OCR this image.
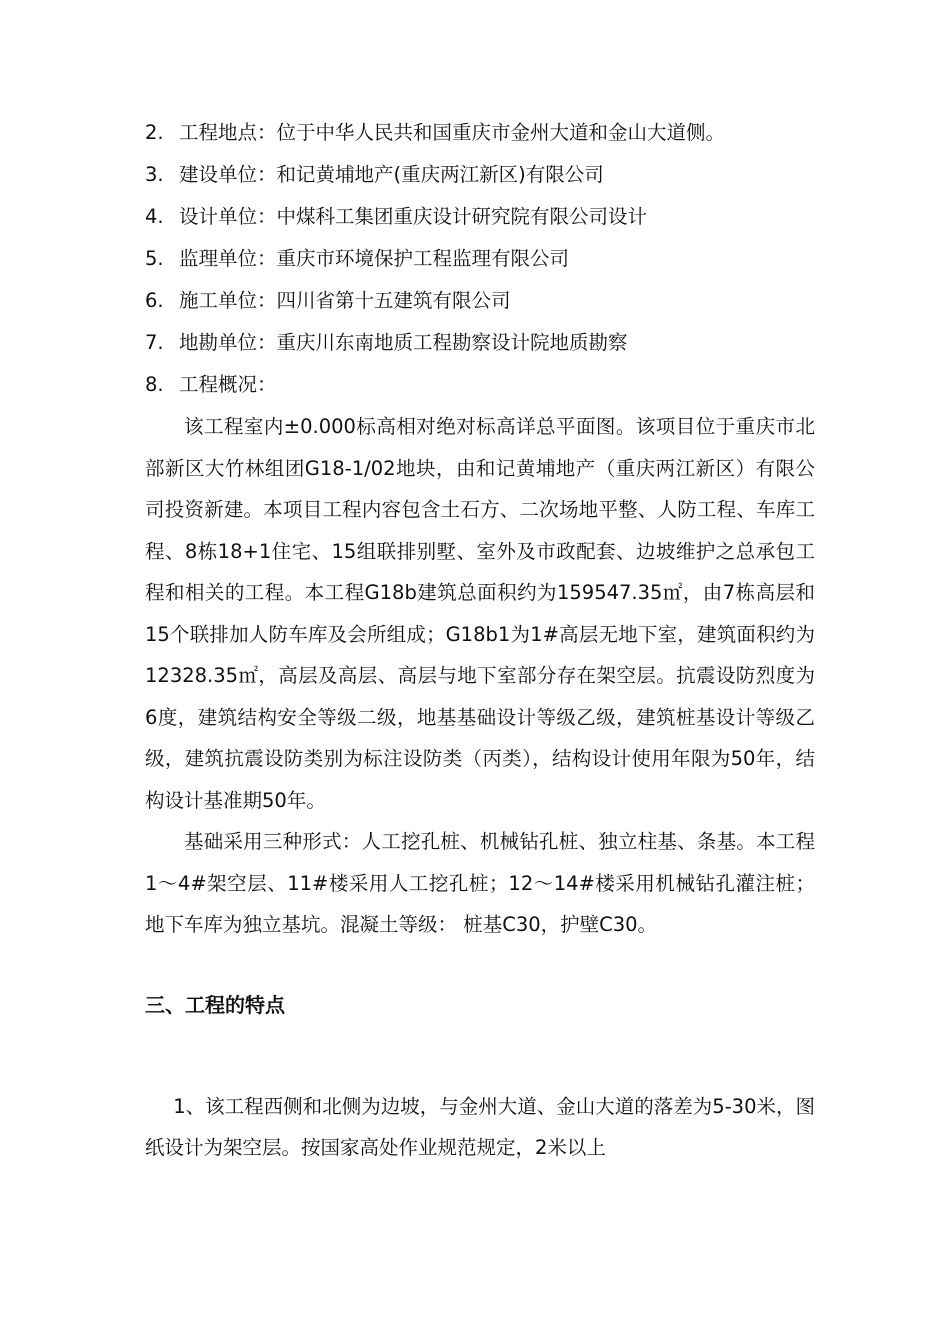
2. 工程地点：位于中华人民共和国重庆市金州大道和金山大道侧。
3. 建设单位：和记黄埔地产(重庆两江新区)有限公司
4. 设计单位：中煤科工集团重庆设计研究院有限公司设计
5. 监理单位：重庆市环境保护工程监理有限公司
6. 施工单位：四川省第十五建筑有限公司
7. 地勘单位：重庆川东南地质工程勘察设计院地质勘察
8. 工程概况：

该工程室内±0.000标高相对绝对标高详总平面图。该项目位于重庆市北部新区大竹林组团G18-1/02地块，由和记黄埔地产（重庆两江新区）有限公司投资新建。本项目工程内容包含土石方、二次场地平整、人防工程、车库工程、8栋18+1住宅、15组联排别墅、室外及市政配套、边坡维护之总承包工程和相关的工程。本工程G18b建筑总面积约为159547.35㎡，由7栋高层和15个联排加人防车库及会所组成；G18b1为1#高层无地下室，建筑面积约为12328.35㎡，高层及高层、高层与地下室部分存在架空层。抗震设防烈度为6度，建筑结构安全等级二级，地基基础设计等级乙级，建筑桩基设计等级乙级，建筑抗震设防类别为标注设防类（丙类），结构设计使用年限为50年，结构设计基准期50年。

基础采用三种形式：人工挖孔桩、机械钻孔桩、独立柱基、条基。本工程1～4#架空层、11#楼采用人工挖孔桩；12～14#楼采用机械钻孔灌注桩；地下车库为独立基坑。混凝土等级： 桩基C30，护壁C30。

三、工程的特点

1、该工程西侧和北侧为边坡，与金州大道、金山大道的落差为5-30米，图纸设计为架空层。按国家高处作业规范规定，2米以上
